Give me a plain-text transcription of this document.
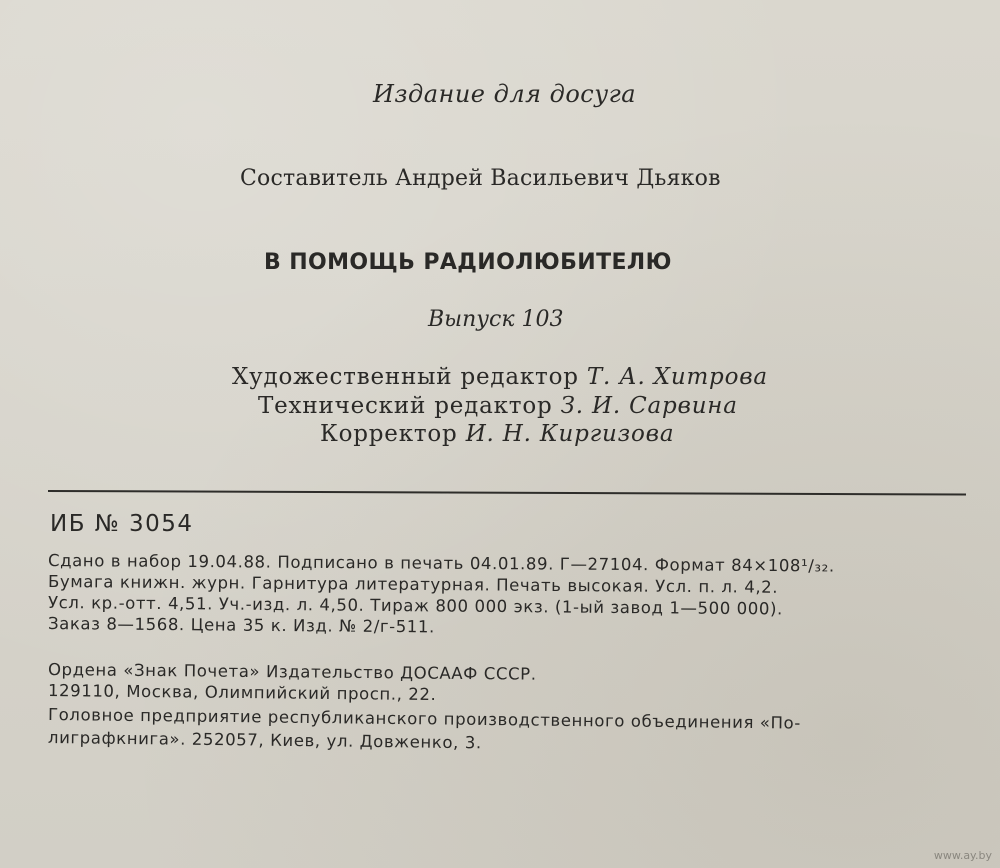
Издание для досуга
Составитель Андрей Васильевич Дьяков
В ПОМОЩЬ РАДИОЛЮБИТЕЛЮ
Выпуск 103
Художественный редактор Т. А. Хитрова
Технический редактор З. И. Сарвина
Корректор И. Н. Киргизова
ИБ № 3054
Сдано в набор 19.04.88. Подписано в печать 04.01.89. Г—27104. Формат 84×108¹/₃₂.
Бумага книжн. журн. Гарнитура литературная. Печать высокая. Усл. п. л. 4,2.
Усл. кр.-отт. 4,51. Уч.-изд. л. 4,50. Тираж 800 000 экз. (1-ый завод 1—500 000).
Заказ 8—1568. Цена 35 к. Изд. № 2/г-511.
Ордена «Знак Почета» Издательство ДОСААФ СССР.
129110, Москва, Олимпийский просп., 22.
Головное предприятие республиканского производственного объединения «По-
лиграфкнига». 252057, Киев, ул. Довженко, 3.
www.ay.by
